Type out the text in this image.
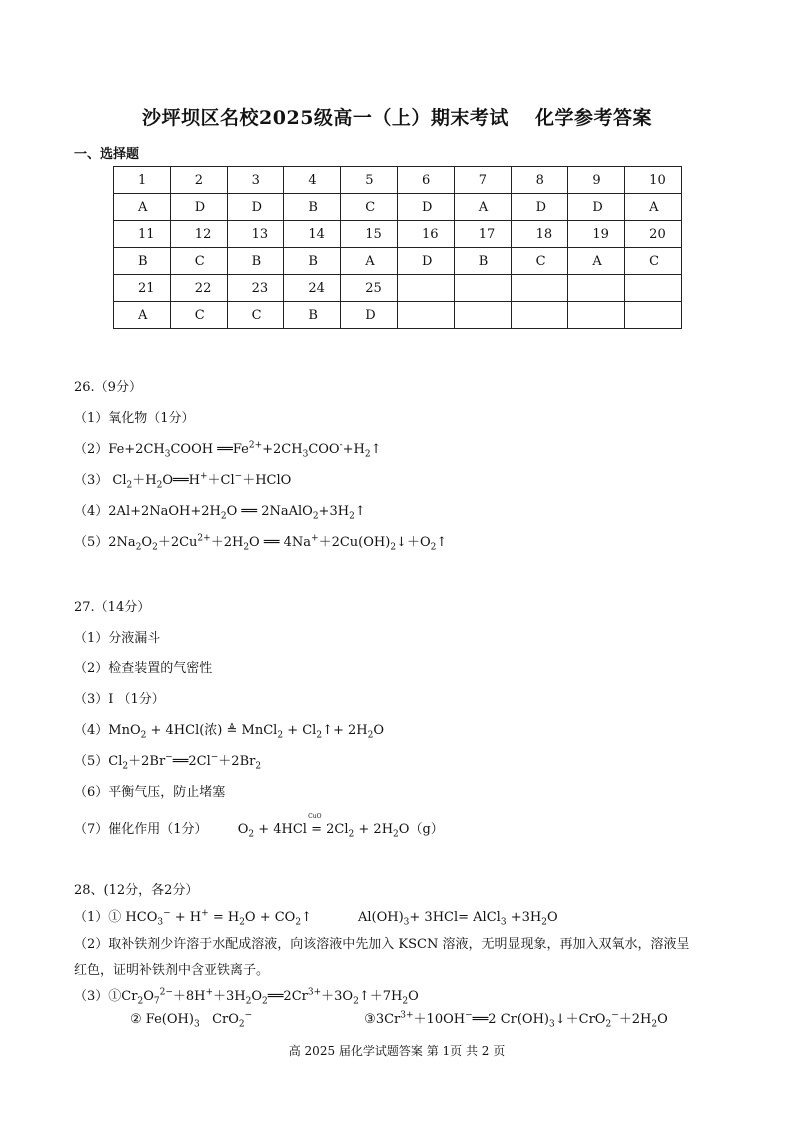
沙坪坝区名校2025级高一（上）期末考试 化学参考答案
一、选择题
1	2	3	4	5	6	7	8	9	10
A	D	D	B	C	D	A	D	D	A
11	12	13	14	15	16	17	18	19	20
B	C	B	B	A	D	B	C	A	C
21	22	23	24	25					
A	C	C	B	D					
26.（9分）
（1）氧化物（1分）
$(2)Fe+2CH_3COOH$ $══Fe^{2+}+2CH_3COO^-+H_2↑$
（3） $Cl_2+H_2O══H^++Cl^-+HClO$
$(4)2Al+2NaOH+2H_2O$ ══ $2NaAlO_2+3H_2↑$
$(5)2Na_2O_2+2Cu^{2+}+2H_2O$ ══ $4Na^++2Cu(OH)_2↓+O_2↑$
27.（14分）
（1）分液漏斗
（2）检查装置的气密性
（3）I （1分）
（4）MnO$_2$ + 4HCl(浓) ≜ MnCl$_2$ + $Cl_2↑+ 2H_2O$
$(5)Cl_2+2Br^-══2Cl^-+2Br_2$
（6）平衡气压，防止堵塞
（7）催化作用（1分） $O_2 + 4HCl$
CuO
= $2Cl_2 + 2H_2O(g)$
28、(12分，各2分）
（1）① $HCO_3^- + H^+ = H_2O$ + $CO_2↑$	$Al(OH)_3+ 3HCl=$ AlCl$_3$ $+3H_2O$
（2）取补铁剂少许溶于水配成溶液，向该溶液中先加入 KSCN 溶液，无明显现象，再加入双氧水，溶液呈
红色，证明补铁剂中含亚铁离子。
$(3)①Cr_2O_7^{2-}+8H^++3H_2O_2══2Cr^{3+}+3O_2↑+7H_2O$
② $Fe(OH)_3$   CrO$_2$−	$③3Cr^{3+}+10OH^-══2$ $Cr(OH)_3↓+CrO_2^-+2H_2O$
高 2025 届化学试题答案 第 1页 共 2 页
